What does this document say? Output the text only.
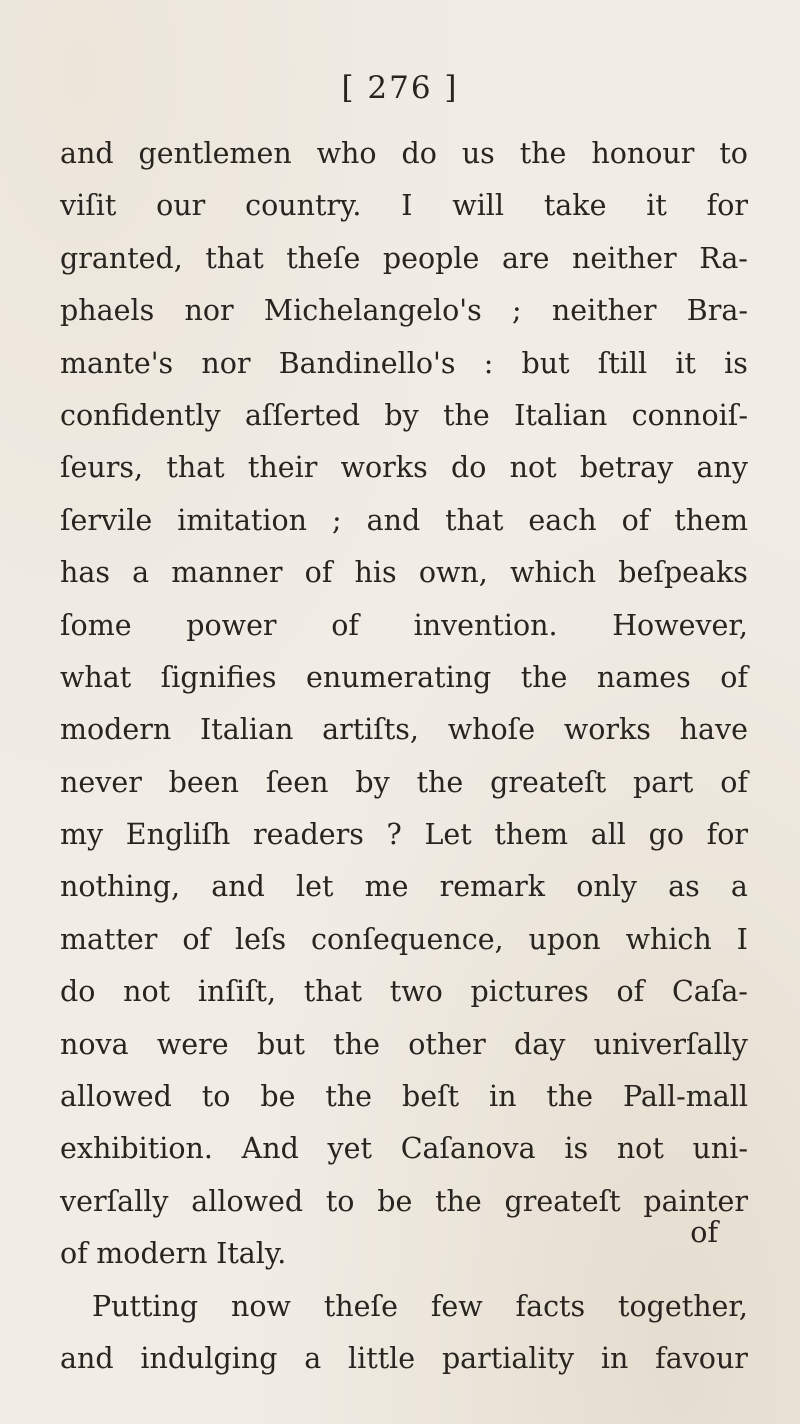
[ 276 ]
and gentlemen who do us the honour to
viſit our country. I will take it for
granted, that theſe people are neither Ra-
phaels nor Michelangelo's ; neither Bra-
mante's nor Bandinello's : but ſtill it is
confidently aſſerted by the Italian connoiſ-
ſeurs, that their works do not betray any
ſervile imitation ; and that each of them
has a manner of his own, which beſpeaks
ſome power of invention. However,
what ſignifies enumerating the names of
modern Italian artiſts, whoſe works have
never been ſeen by the greateſt part of
my Engliſh readers ? Let them all go for
nothing, and let me remark only as a
matter of leſs conſequence, upon which I
do not inſiſt, that two pictures of Caſa-
nova were but the other day univerſally
allowed to be the beſt in the Pall-mall
exhibition. And yet Caſanova is not uni-
verſally allowed to be the greateſt painter
of modern Italy.
Putting now theſe few facts together,
and indulging a little partiality in favour
of
